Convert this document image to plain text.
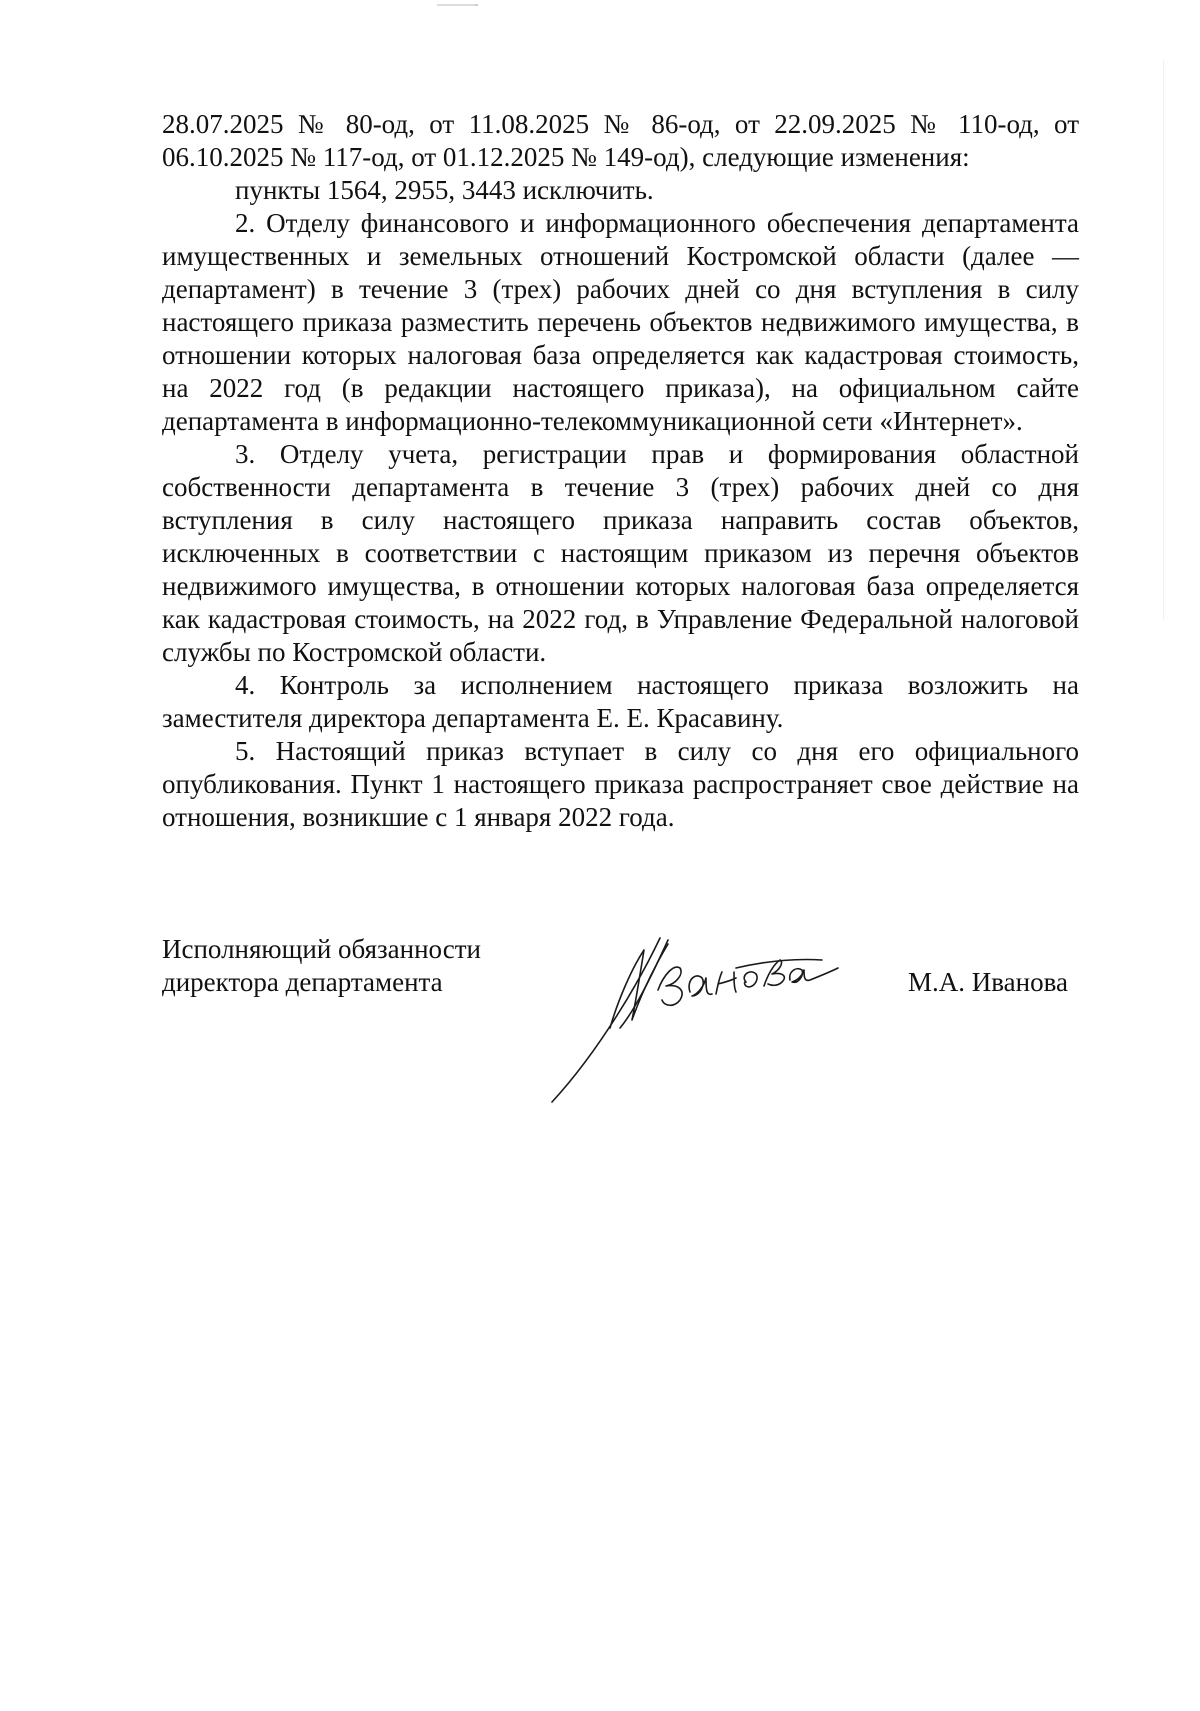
28.07.2025 № 80-од, от 11.08.2025 № 86-од, от 22.09.2025 № 110-од, от 06.10.2025 № 117-од, от 01.12.2025 № 149-од), следующие изменения:

пункты 1564, 2955, 3443 исключить.

2. Отделу финансового и информационного обеспечения департамента имущественных и земельных отношений Костромской области (далее — департамент) в течение 3 (трех) рабочих дней со дня вступления в силу настоящего приказа разместить перечень объектов недвижимого имущества, в отношении которых налоговая база определяется как кадастровая стоимость, на 2022 год (в редакции настоящего приказа), на официальном сайте департамента в информационно-телекоммуникационной сети «Интернет».

3. Отделу учета, регистрации прав и формирования областной собственности департамента в течение 3 (трех) рабочих дней со дня вступления в силу настоящего приказа направить состав объектов, исключенных в соответствии с настоящим приказом из перечня объектов недвижимого имущества, в отношении которых налоговая база определяется как кадастровая стоимость, на 2022 год, в Управление Федеральной налоговой службы по Костромской области.

4. Контроль за исполнением настоящего приказа возложить на заместителя директора департамента Е. Е. Красавину.

5. Настоящий приказ вступает в силу со дня его официального опубликования. Пункт 1 настоящего приказа распространяет свое действие на отношения, возникшие с 1 января 2022 года.

Исполняющий обязанности
директора департамента	М.А. Иванова
